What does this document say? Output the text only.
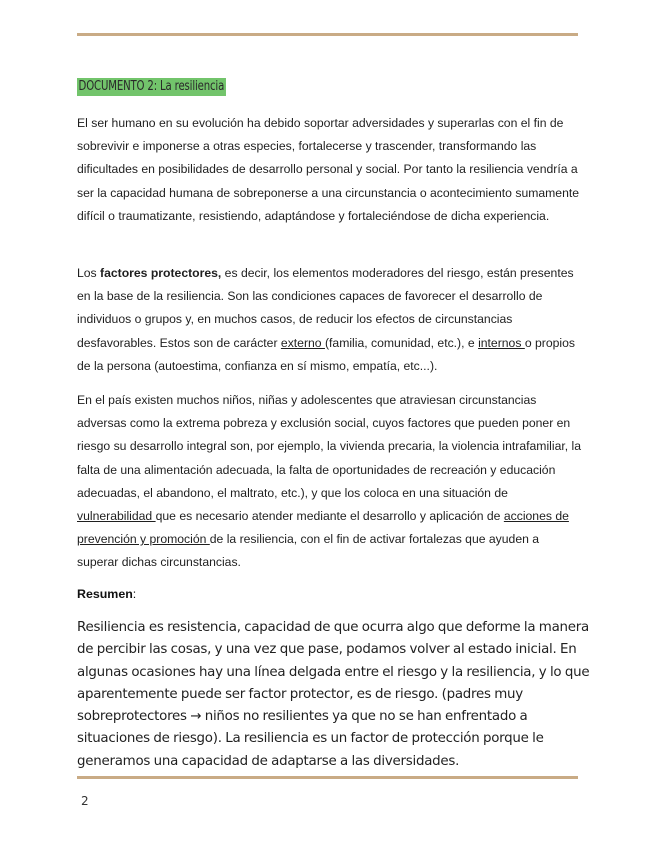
DOCUMENTO 2: La resiliencia

El ser humano en su evolución ha debido soportar adversidades y superarlas con el fin de sobrevivir e imponerse a otras especies, fortalecerse y trascender, transformando las dificultades en posibilidades de desarrollo personal y social. Por tanto la resiliencia vendría a ser la capacidad humana de sobreponerse a una circunstancia o acontecimiento sumamente difícil o traumatizante, resistiendo, adaptándose y fortaleciéndose de dicha experiencia.

Los factores protectores, es decir, los elementos moderadores del riesgo, están presentes en la base de la resiliencia. Son las condiciones capaces de favorecer el desarrollo de individuos o grupos y, en muchos casos, de reducir los efectos de circunstancias desfavorables. Estos son de carácter externo (familia, comunidad, etc.), e internos o propios de la persona (autoestima, confianza en sí mismo, empatía, etc...).

En el país existen muchos niños, niñas y adolescentes que atraviesan circunstancias adversas como la extrema pobreza y exclusión social, cuyos factores que pueden poner en riesgo su desarrollo integral son, por ejemplo, la vivienda precaria, la violencia intrafamiliar, la falta de una alimentación adecuada, la falta de oportunidades de recreación y educación adecuadas, el abandono, el maltrato, etc.), y que los coloca en una situación de vulnerabilidad que es necesario atender mediante el desarrollo y aplicación de acciones de prevención y promoción de la resiliencia, con el fin de activar fortalezas que ayuden a superar dichas circunstancias.

Resumen:

Resiliencia es resistencia, capacidad de que ocurra algo que deforme la manera de percibir las cosas, y una vez que pase, podamos volver al estado inicial. En algunas ocasiones hay una línea delgada entre el riesgo y la resiliencia, y lo que aparentemente puede ser factor protector, es de riesgo. (padres muy sobreprotectores → niños no resilientes ya que no se han enfrentado a situaciones de riesgo). La resiliencia es un factor de protección porque le generamos una capacidad de adaptarse a las diversidades.

2
